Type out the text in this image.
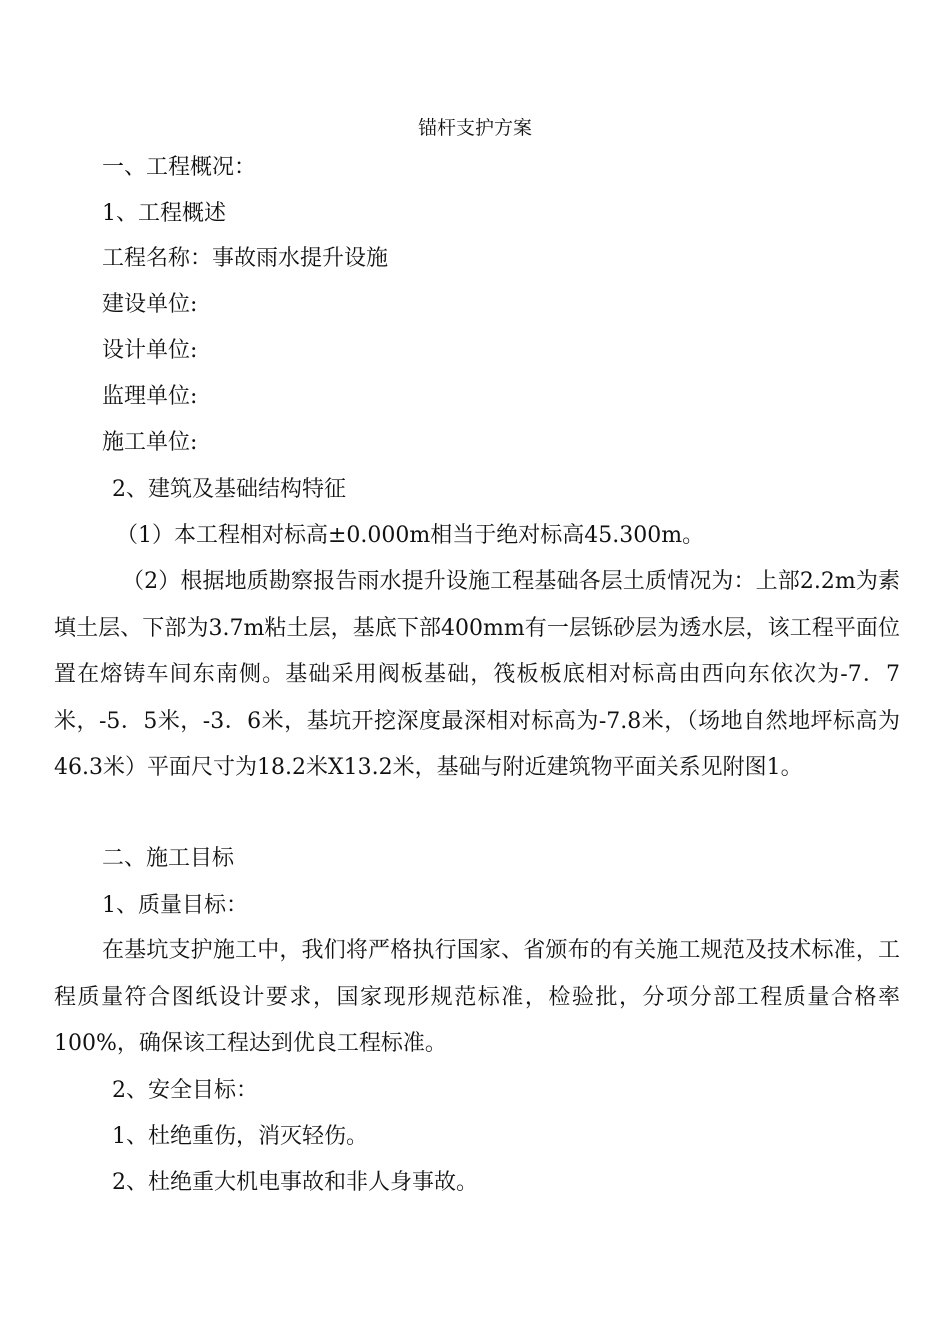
锚杆支护方案
一、工程概况：
1、工程概述
工程名称：事故雨水提升设施
建设单位:
设计单位:
监理单位:
施工单位:
2、建筑及基础结构特征
（1）本工程相对标高±0.000m相当于绝对标高45.300m。
（2）根据地质勘察报告雨水提升设施工程基础各层土质情况为：上部2.2m为素填土层、下部为3.7m粘土层，基底下部400mm有一层铄砂层为透水层，该工程平面位置在熔铸车间东南侧。基础采用阀板基础，筏板板底相对标高由西向东依次为-7．7米，-5．5米，-3．6米，基坑开挖深度最深相对标高为-7.8米，（场地自然地坪标高为46.3米）平面尺寸为18.2米X13.2米，基础与附近建筑物平面关系见附图1。
二、施工目标
1、质量目标：
在基坑支护施工中，我们将严格执行国家、省颁布的有关施工规范及技术标准，工程质量符合图纸设计要求，国家现形规范标准，检验批，分项分部工程质量合格率100%，确保该工程达到优良工程标准。
2、安全目标：
1、杜绝重伤，消灭轻伤。
2、杜绝重大机电事故和非人身事故。
